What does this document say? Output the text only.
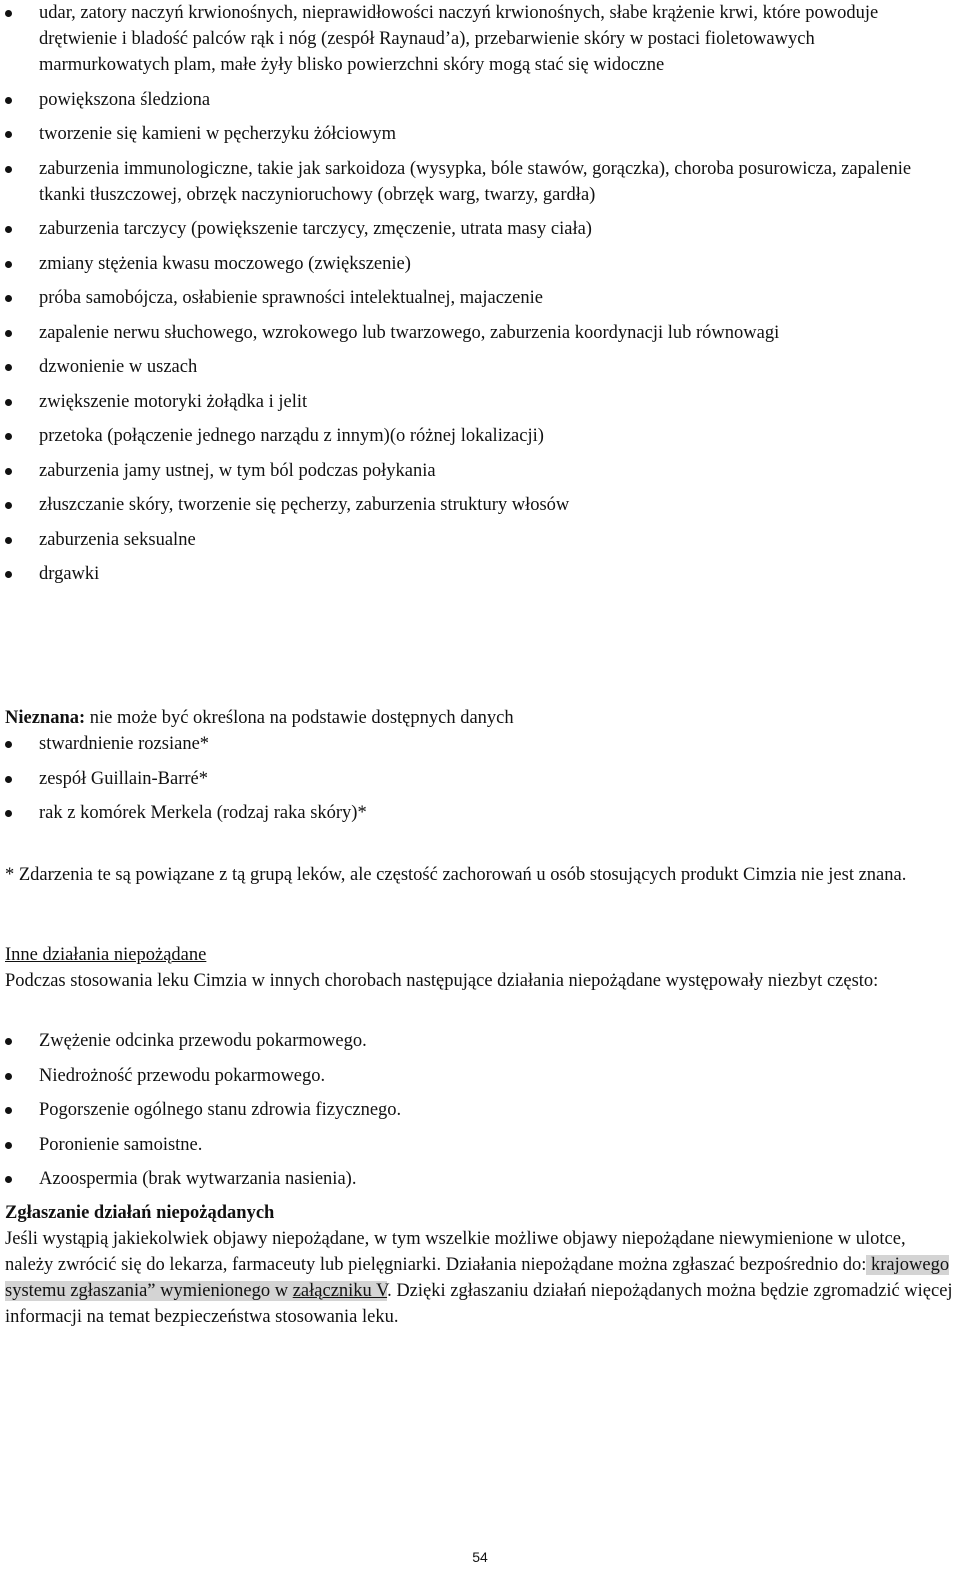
udar, zatory naczyń krwionośnych, nieprawidłowości naczyń krwionośnych, słabe krążenie krwi, które powoduje drętwienie i bladość palców rąk i nóg (zespół Raynaud’a), przebarwienie skóry w postaci fioletowawych marmurkowatych plam, małe żyły blisko powierzchni skóry mogą stać się widoczne
powiększona śledziona
tworzenie się kamieni w pęcherzyku żółciowym
zaburzenia immunologiczne, takie jak sarkoidoza (wysypka, bóle stawów, gorączka), choroba posurowicza, zapalenie tkanki tłuszczowej, obrzęk naczynioruchowy (obrzęk warg, twarzy, gardła)
zaburzenia tarczycy (powiększenie tarczycy, zmęczenie, utrata masy ciała)
zmiany stężenia kwasu moczowego (zwiększenie)
próba samobójcza, osłabienie sprawności intelektualnej, majaczenie
zapalenie nerwu słuchowego, wzrokowego lub twarzowego, zaburzenia koordynacji lub równowagi
dzwonienie w uszach
zwiększenie motoryki żołądka i jelit
przetoka (połączenie jednego narządu z innym)(o różnej lokalizacji)
zaburzenia jamy ustnej, w tym ból podczas połykania
złuszczanie skóry, tworzenie się pęcherzy, zaburzenia struktury włosów
zaburzenia seksualne
drgawki

Nieznana: nie może być określona na podstawie dostępnych danych

stwardnienie rozsiane*
zespół Guillain-Barré*
rak z komórek Merkela (rodzaj raka skóry)*

* Zdarzenia te są powiązane z tą grupą leków, ale częstość zachorowań u osób stosujących produkt Cimzia nie jest znana.

Inne działania niepożądane

Podczas stosowania leku Cimzia w innych chorobach następujące działania niepożądane występowały niezbyt często:

Zwężenie odcinka przewodu pokarmowego.
Niedrożność przewodu pokarmowego.
Pogorszenie ogólnego stanu zdrowia fizycznego.
Poronienie samoistne.
Azoospermia (brak wytwarzania nasienia).

Zgłaszanie działań niepożądanych

Jeśli wystąpią jakiekolwiek objawy niepożądane, w tym wszelkie możliwe objawy niepożądane niewymienione w ulotce, należy zwrócić się do lekarza, farmaceuty lub pielęgniarki. Działania niepożądane można zgłaszać bezpośrednio do: krajowego systemu zgłaszania” wymienionego w załączniku V. Dzięki zgłaszaniu działań niepożądanych można będzie zgromadzić więcej informacji na temat bezpieczeństwa stosowania leku.

54
